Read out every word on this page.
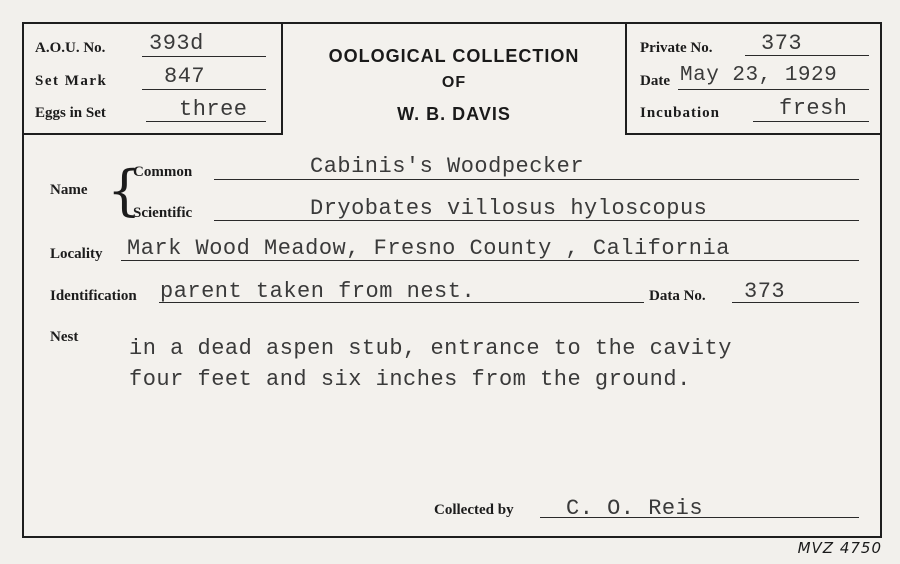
A.O.U. No. 393d
Set Mark	847
Eggs in Set	three
OOLOGICAL COLLECTION
OF
W. B. DAVIS
Private No. 373
Date May 23, 1929
Incubation	fresh
Name {
Common	Cabinis's Woodpecker
Scientific	Dryobates villosus hyloscopus
Locality Mark Wood Meadow, Fresno County , California
Identification parent taken from nest.	Data No. 373
Nest in a dead aspen stub, entrance to the cavity
four feet and six inches from the ground.
Collected by C. O. Reis
MVZ 4750
